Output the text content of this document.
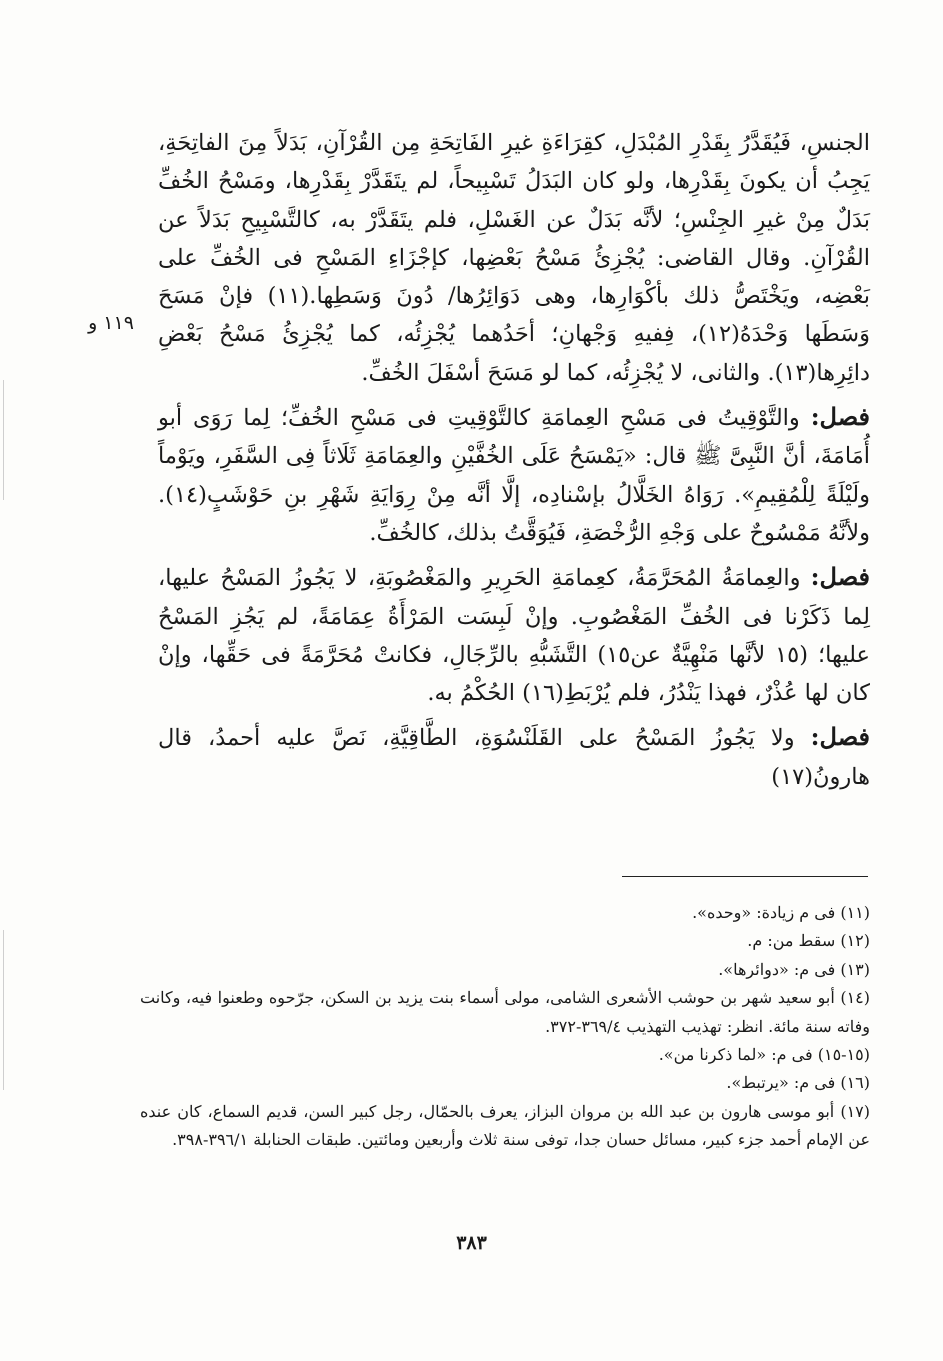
الجنسِ، فَيُقَدَّرُ بِقَدْرِ المُبْدَلِ، كقِرَاءَةِ غيرِ الفَاتِحَةِ مِن القُرْآنِ، بَدَلاً مِنَ الفاتِحَةِ، يَجِبُ أن يكونَ بِقَدْرِها، ولو كان البَدَلُ تَسْبِيحاً، لم يتَقَدَّرْ بِقَدْرِها، ومَسْحُ الخُفِّ بَدَلٌ مِنْ غيرِ الجِنْسِ؛ لأنَّه بَدَلٌ عن الغَسْلِ، فلم يتَقَدَّرْ به، كالتَّسْبِيحِ بَدَلاً عن القُرْآنِ. وقال القاضى: يُجْزِئُ مَسْحُ بَعْضِها، كإجْزَاءِ المَسْحِ فى الخُفِّ على بَعْضِه، ويَخْتَصُّ ذلك بأكْوَارِها، وهى دَوَائِرُها/ دُونَ وَسَطِها.(١١) فإنْ مَسَحَ وَسَطَها وَحْدَهُ(١٢)، فِفيهِ وَجْهانِ؛ أحَدُهما يُجْزِئُه، كما يُجْزِئُ مَسْحُ بَعْضِ دائِرِها(١٣). والثانى، لا يُجْزِئُه، كما لو مَسَحَ أسْفَلَ الخُفِّ.

فصل: والتَّوْقِيتُ فى مَسْحِ العِمامَةِ كالتَّوْقِيتِ فى مَسْحِ الخُفِّ؛ لِما رَوَى أبو أُمَامَةَ، أنَّ النَّبِىَّ ﷺ قال: «يَمْسَحُ عَلَى الخُفَّيْنِ والعِمَامَةِ ثَلَاثاً فِى السَّفَرِ، ويَوْماً ولَيْلَةً لِلْمُقِيمِ». رَوَاهُ الخَلَّالُ بإسْنادِه، إلَّا أنَّه مِنْ رِوَايَةِ شَهْرِ بنِ حَوْشَبٍ(١٤). ولأنَّهُ مَمْسُوحٌ على وَجْهِ الرُّخْصَةِ، فَيُوَقَّتُ بذلك، كالخُفِّ.

فصل: والعِمامَةُ المُحَرَّمَةُ، كعِمامَةِ الحَرِيرِ والمَغْصُوبَةِ، لا يَجُوزُ المَسْحُ عليها، لِما ذَكَرْنا فى الخُفِّ المَغْصُوبِ. وإنْ لَبِسَت المَرْأَةُ عِمَامَةً، لم يَجُزِ المَسْحُ عليها؛ (١٥ لأنَّها مَنْهِيَّةٌ عن١٥) التَّشَبُّهِ بالرِّجَالِ، فكانتْ مُحَرَّمَةً فى حَقِّها، وإنْ كان لها عُذْرٌ، فهذا يَنْدُرُ، فلم يُرْبَطِ(١٦) الحُكْمُ به.

فصل: ولا يَجُوزُ المَسْحُ على القَلَنْسُوَةِ، الطَّاقِيَّةِ، نَصَّ عليه أحمدُ، قال هارونُ(١٧)

١١٩ و

(١١) فى م زيادة: «وحده».

(١٢) سقط من: م.

(١٣) فى م: «دوائرها».

(١٤) أبو سعيد شهر بن حوشب الأشعرى الشامى، مولى أسماء بنت يزيد بن السكن، جرّحوه وطعنوا فيه، وكانت وفاته سنة مائة. انظر: تهذيب التهذيب ٣٦٩/٤-٣٧٢.

(١٥-١٥) فى م: «لما ذكرنا من».

(١٦) فى م: «يرتبط».

(١٧) أبو موسى هارون بن عبد الله بن مروان البزاز، يعرف بالحمّال، رجل كبير السن، قديم السماع، كان عنده عن الإمام أحمد جزء كبير، مسائل حسان جدا، توفى سنة ثلاث وأربعين ومائتين. طبقات الحنابلة ٣٩٦/١-٣٩٨.

٣٨٣
